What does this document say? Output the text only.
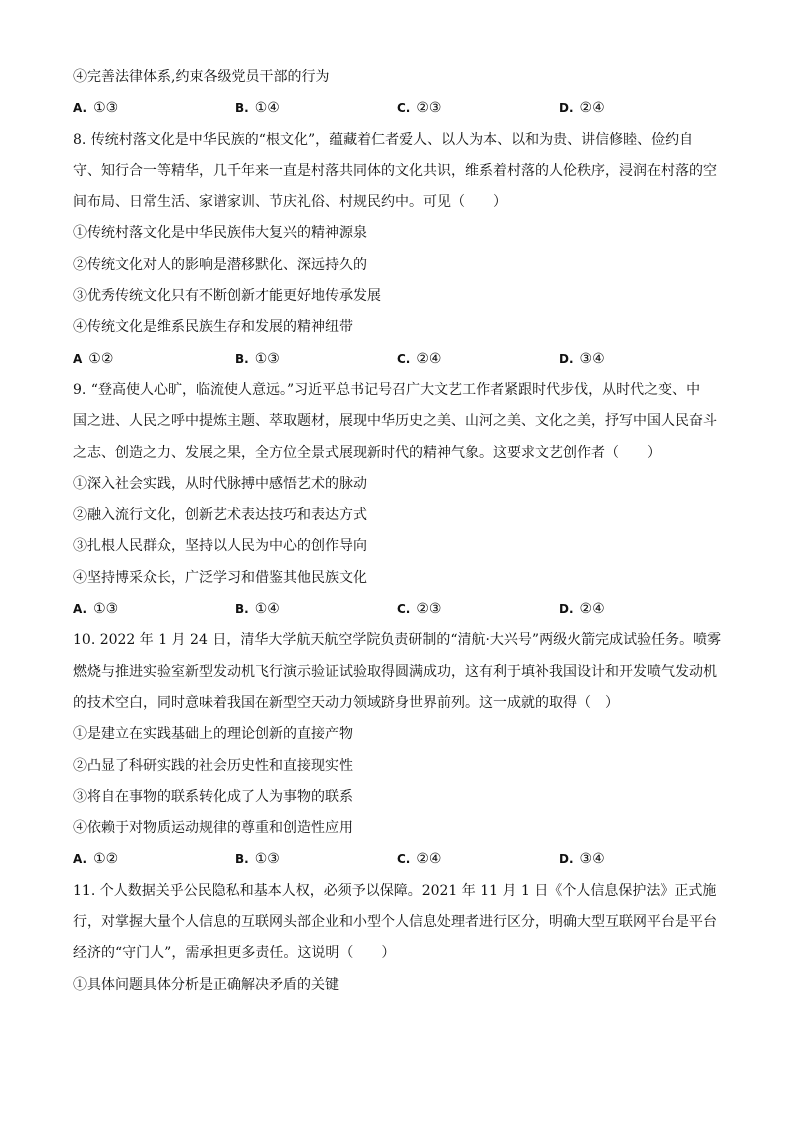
④完善法律体系,约束各级党员干部的行为
A. ①③	B. ①④	C. ②③	D. ②④
8. 传统村落文化是中华民族的“根文化”，蕴藏着仁者爱人、以人为本、以和为贵、讲信修睦、俭约自
守、知行合一等精华，几千年来一直是村落共同体的文化共识，维系着村落的人伦秩序，浸润在村落的空
间布局、日常生活、家谱家训、节庆礼俗、村规民约中。可见（　　）
①传统村落文化是中华民族伟大复兴的精神源泉
②传统文化对人的影响是潜移默化、深远持久的
③优秀传统文化只有不断创新才能更好地传承发展
④传统文化是维系民族生存和发展的精神纽带
A ①②	B. ①③	C. ②④	D. ③④
9. “登高使人心旷，临流使人意远。”习近平总书记号召广大文艺工作者紧跟时代步伐，从时代之变、中
国之进、人民之呼中提炼主题、萃取题材，展现中华历史之美、山河之美、文化之美，抒写中国人民奋斗
之志、创造之力、发展之果，全方位全景式展现新时代的精神气象。这要求文艺创作者（　　）
①深入社会实践，从时代脉搏中感悟艺术的脉动
②融入流行文化，创新艺术表达技巧和表达方式
③扎根人民群众，坚持以人民为中心的创作导向
④坚持博采众长，广泛学习和借鉴其他民族文化
A. ①③	B. ①④	C. ②③	D. ②④
10. 2022 年 1 月 24 日，清华大学航天航空学院负责研制的“清航·大兴号”两级火箭完成试验任务。喷雾
燃烧与推进实验室新型发动机飞行演示验证试验取得圆满成功，这有利于填补我国设计和开发喷气发动机
的技术空白，同时意味着我国在新型空天动力领域跻身世界前列。这一成就的取得（　）
①是建立在实践基础上的理论创新的直接产物
②凸显了科研实践的社会历史性和直接现实性
③将自在事物的联系转化成了人为事物的联系
④依赖于对物质运动规律的尊重和创造性应用
A. ①②	B. ①③	C. ②④	D. ③④
11. 个人数据关乎公民隐私和基本人权，必须予以保障。2021 年 11 月 1 日《个人信息保护法》正式施
行，对掌握大量个人信息的互联网头部企业和小型个人信息处理者进行区分，明确大型互联网平台是平台
经济的“守门人”，需承担更多责任。这说明（　　）
①具体问题具体分析是正确解决矛盾的关键
